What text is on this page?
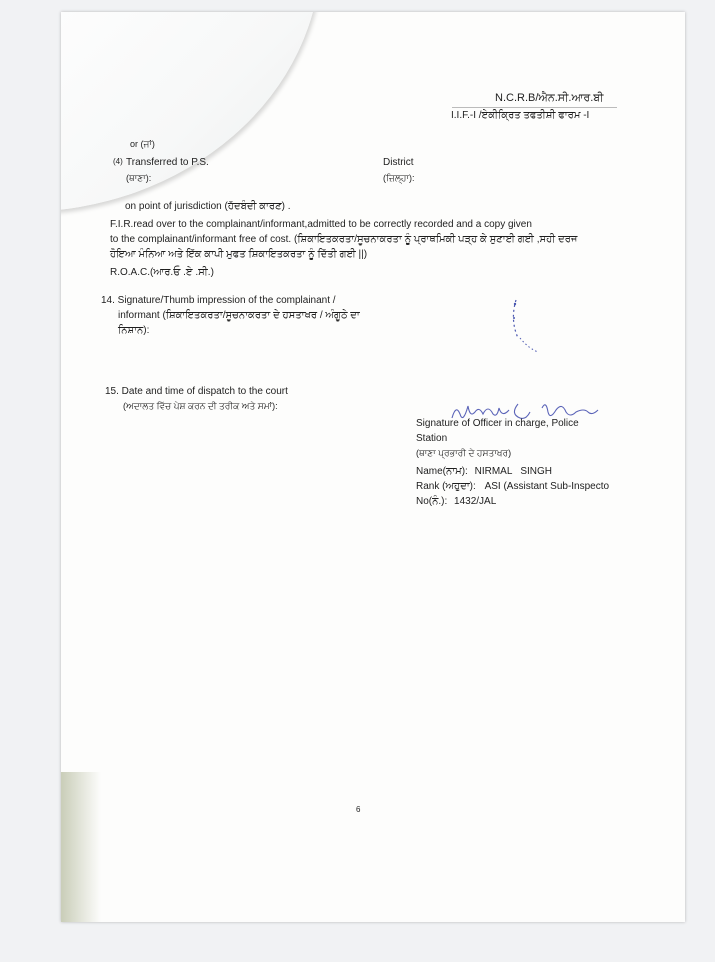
N.C.R.B/ਐਨ.ਸੀ.ਆਰ.ਬੀ
I.I.F.-I /ਏਕੀਕ੍ਰਿਤ ਤਫਤੀਸ਼ੀ ਫਾਰਮ -I
or (ਜਾਂ)
(4) Transferred to P.S.
(ਥਾਣਾ):
District
(ਜ਼ਿਲ੍ਹਾ):
on point of jurisdiction (ਹੱਦਬੰਦੀ ਕਾਰਣ) .
F.I.R.read over to the complainant/informant,admitted to be correctly recorded and a copy given
to the complainant/informant free of cost. (ਸ਼ਿਕਾਇਤਕਰਤਾ/ਸੂਚਨਾਕਰਤਾ ਨੂੰ ਪ੍ਰਾਥਮਿਕੀ ਪੜ੍ਹ ਕੇ ਸੁਣਾਈ ਗਈ ,ਸਹੀ ਦਰਜ
ਹੋਇਆ ਮੰਨਿਆ ਅਤੇ ਇੱਕ ਕਾਪੀ ਮੁਫਤ ਸ਼ਿਕਾਇਤਕਰਤਾ ਨੂੰ ਦਿੱਤੀ ਗਈ ||)
R.O.A.C.(ਆਰ.ਓ .ਏ .ਸੀ.)
14. Signature/Thumb impression of the complainant /
informant (ਸ਼ਿਕਾਇਤਕਰਤਾ/ਸੂਚਨਾਕਰਤਾ ਦੇ ਹਸਤਾਖਰ / ਅੰਗੂਠੇ ਦਾ
ਨਿਸ਼ਾਨ):
15. Date and time of dispatch to the court
(ਅਦਾਲਤ ਵਿੱਚ ਪੇਸ਼ ਕਰਨ ਦੀ ਤਰੀਕ ਅਤੇ ਸਮਾਂ):
Signature of Officer in charge, Police
Station
(ਥਾਣਾ ਪ੍ਰਭਾਰੀ ਦੇ ਹਸਤਾਖਰ)
Name(ਨਾਮ): NIRMAL   SINGH
Rank (ਅਹੁਦਾ): ASI (Assistant Sub-Inspecto
No(ਨੰ.): 1432/JAL
6
